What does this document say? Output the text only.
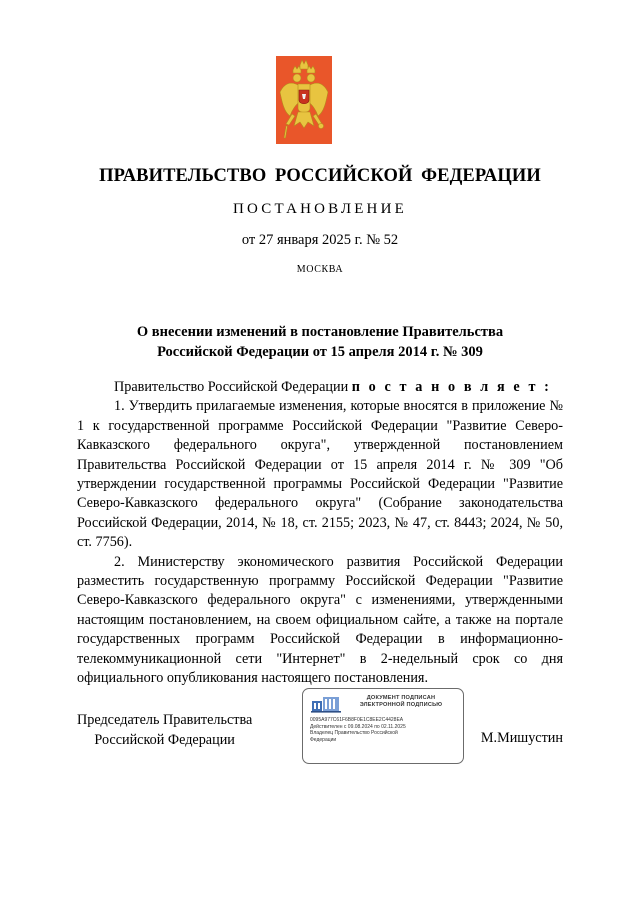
ПРАВИТЕЛЬСТВО РОССИЙСКОЙ ФЕДЕРАЦИИ
ПОСТАНОВЛЕНИЕ
от 27 января 2025 г. № 52
МОСКВА
О внесении изменений в постановление Правительства
Российской Федерации от 15 апреля 2014 г. № 309

Правительство Российской Федерации п о с т а н о в л я е т :

1. Утвердить прилагаемые изменения, которые вносятся в приложение № 1 к государственной программе Российской Федерации "Развитие Северо-Кавказского федерального округа", утвержденной постановлением Правительства Российской Федерации от 15 апреля 2014 г. № 309 "Об утверждении государственной программы Российской Федерации "Развитие Северо-Кавказского федерального округа" (Собрание законодательства Российской Федерации, 2014, № 18, ст. 2155; 2023, № 47, ст. 8443; 2024, № 50, ст. 7756).

2. Министерству экономического развития Российской Федерации разместить государственную программу Российской Федерации "Развитие Северо-Кавказского федерального округа" с изменениями, утвержденными настоящим постановлением, на своем официальном сайте, а также на портале государственных программ Российской Федерации в информационно-телекоммуникационной сети "Интернет" в 2-недельный срок со дня официального опубликования настоящего постановления.

Председатель Правительства
Российской Федерации
ДОКУМЕНТ ПОДПИСАН
ЭЛЕКТРОННОЙ ПОДПИСЬЮ
0095A977C61F6B8F0E1C8EE2C4428EA
Действителен с 09.08.2024 по 02.11.2025
Владелец Правительство Российской
Федерации	М.Мишустин
